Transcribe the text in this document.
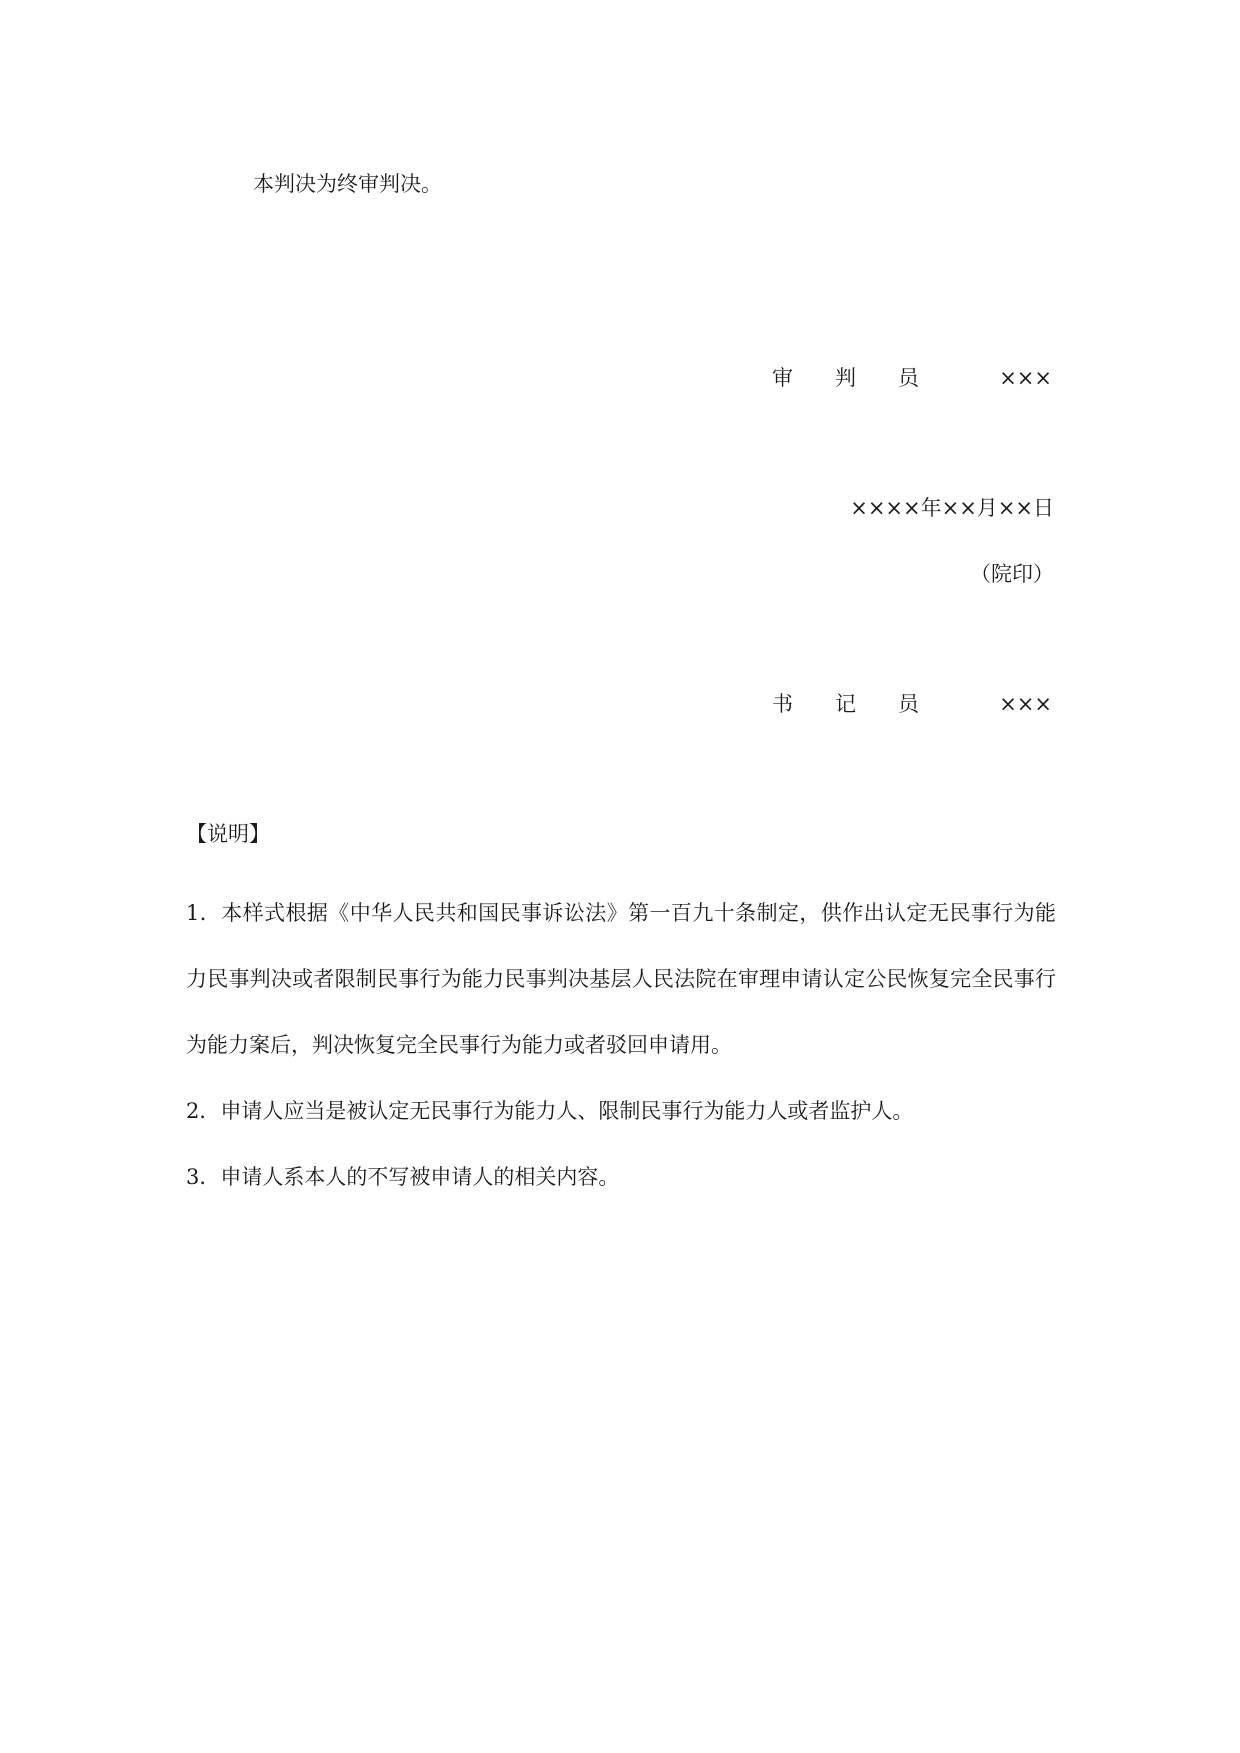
本判决为终审判决。
审判员 ×××
××××年××月××日
（院印）
书记员 ×××
【说明】
1．本样式根据《中华人民共和国民事诉讼法》第一百九十条制定，供作出认定无民事行为能力民事判决或者限制民事行为能力民事判决基层人民法院在审理申请认定公民恢复完全民事行为能力案后，判决恢复完全民事行为能力或者驳回申请用。
2．申请人应当是被认定无民事行为能力人、限制民事行为能力人或者监护人。
3．申请人系本人的不写被申请人的相关内容。
